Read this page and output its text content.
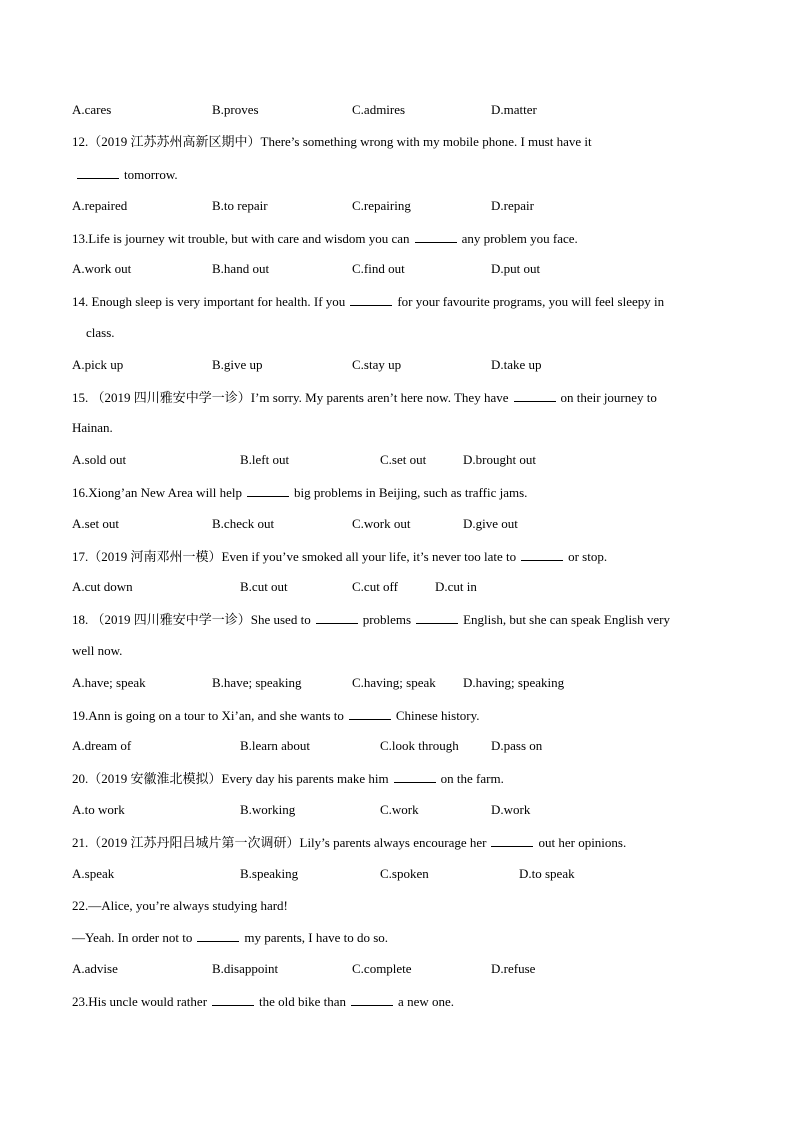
A.cares	B.proves	C.admires	D.matter
12.（2019 江苏苏州高新区期中）There’s something wrong with my mobile phone. I must have it
tomorrow.
A.repaired	B.to repair	C.repairing	D.repair
13.Life is journey wit trouble, but with care and wisdom you can	any problem you face.
A.work out	B.hand out	C.find out	D.put out
14. Enough sleep is very important for health. If you	for your favourite programs, you will feel sleepy in
class.
A.pick up	B.give up	C.stay up	D.take up
15. （2019 四川雅安中学一诊）I’m sorry. My parents aren’t here now. They have	on their journey to
Hainan.
A.sold out	B.left out	C.set out	D.brought out
16.Xiong’an New Area will help	big problems in Beijing, such as traffic jams.
A.set out	B.check out	C.work out	D.give out
17.（2019 河南邓州一模）Even if you’ve smoked all your life, it’s never too late to	or stop.
A.cut down	B.cut out	C.cut off	D.cut in
18. （2019 四川雅安中学一诊）She used to	problems	English, but she can speak English very
well now.
A.have; speak	B.have; speaking	C.having; speak D.having; speaking
19.Ann is going on a tour to Xi’an, and she wants to	Chinese history.
A.dream of	B.learn about	C.look through D.pass on
20.（2019 安徽淮北模拟）Every day his parents make him	on the farm.
A.to work	B.working	C.work	D.work
21.（2019 江苏丹阳吕城片第一次调研）Lily’s parents always encourage her	out her opinions.
A.speak	B.speaking	C.spoken	D.to speak
22.—Alice, you’re always studying hard!
—Yeah. In order not to	my parents, I have to do so.
A.advise	B.disappoint	C.complete	D.refuse
23.His uncle would rather	the old bike than	a new one.
